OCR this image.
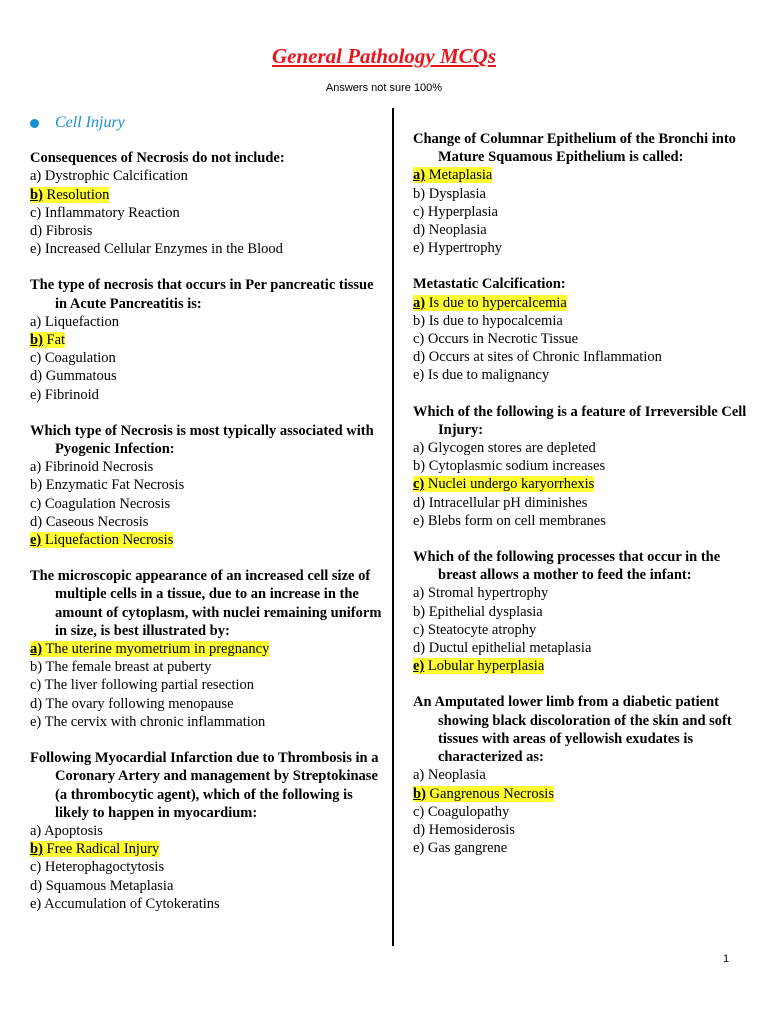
General Pathology MCQs
Answers not sure 100%
Cell Injury
Consequences of Necrosis do not include:
a) Dystrophic Calcification
b) Resolution
c) Inflammatory Reaction
d) Fibrosis
e) Increased Cellular Enzymes in the Blood
The type of necrosis that occurs in Per pancreatic tissue in Acute Pancreatitis is:
a) Liquefaction
b) Fat
c) Coagulation
d) Gummatous
e) Fibrinoid
Which type of Necrosis is most typically associated with Pyogenic Infection:
a) Fibrinoid Necrosis
b) Enzymatic Fat Necrosis
c) Coagulation Necrosis
d) Caseous Necrosis
e) Liquefaction Necrosis
The microscopic appearance of an increased cell size of multiple cells in a tissue, due to an increase in the amount of cytoplasm, with nuclei remaining uniform in size, is best illustrated by:
a) The uterine myometrium in pregnancy
b) The female breast at puberty
c) The liver following partial resection
d) The ovary following menopause
e) The cervix with chronic inflammation
Following Myocardial Infarction due to Thrombosis in a Coronary Artery and management by Streptokinase (a thrombocytic agent), which of the following is likely to happen in myocardium:
a) Apoptosis
b) Free Radical Injury
c) Heterophagoctytosis
d) Squamous Metaplasia
e) Accumulation of Cytokeratins
Change of Columnar Epithelium of the Bronchi into Mature Squamous Epithelium is called:
a) Metaplasia
b) Dysplasia
c) Hyperplasia
d) Neoplasia
e) Hypertrophy
Metastatic Calcification:
a) Is due to hypercalcemia
b) Is due to hypocalcemia
c) Occurs in Necrotic Tissue
d) Occurs at sites of Chronic Inflammation
e) Is due to malignancy
Which of the following is a feature of Irreversible Cell Injury:
a) Glycogen stores are depleted
b) Cytoplasmic sodium increases
c) Nuclei undergo karyorrhexis
d) Intracellular pH diminishes
e) Blebs form on cell membranes
Which of the following processes that occur in the breast allows a mother to feed the infant:
a) Stromal hypertrophy
b) Epithelial dysplasia
c) Steatocyte atrophy
d) Ductul epithelial metaplasia
e) Lobular hyperplasia
An Amputated lower limb from a diabetic patient showing black discoloration of the skin and soft tissues with areas of yellowish exudates is characterized as:
a) Neoplasia
b) Gangrenous Necrosis
c) Coagulopathy
d) Hemosiderosis
e) Gas gangrene
1
